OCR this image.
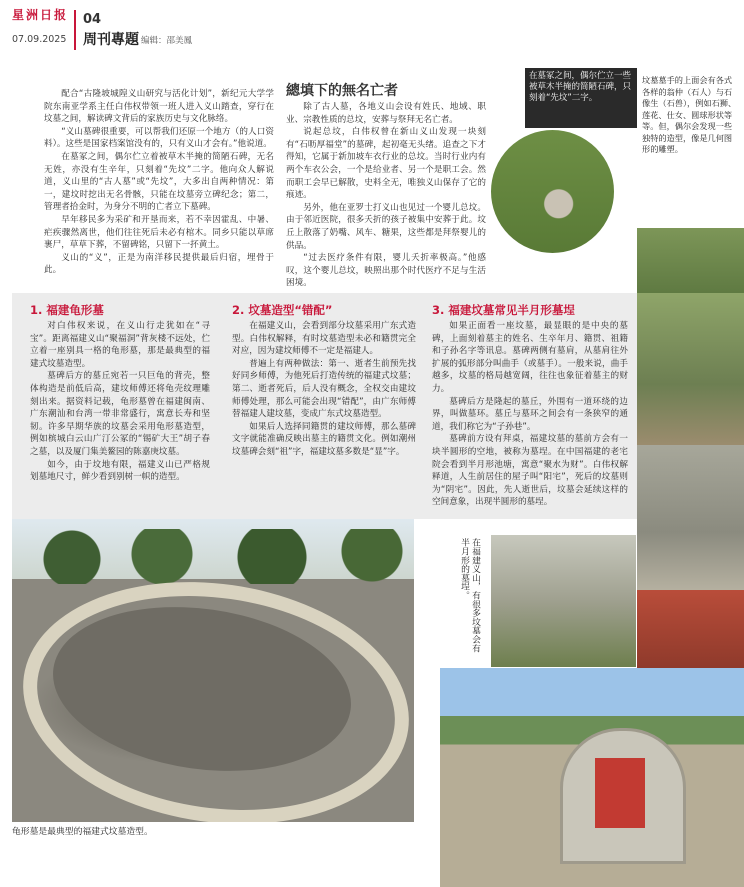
星洲日报 04
07.09.2025 周刊專題 编辑：邵美鳳

配合“古隆坡城隍义山研究与活化计划”，新纪元大学学院东南亚学系主任白伟权带领一班人进入义山踏查，穿行在坟墓之间，解读碑文背后的家族历史与文化脉络。

“义山墓碑很重要，可以帮我们还原一个地方（的人口资料）。这些是国家档案馆没有的，只有义山才会有。”他说道。

在墓冢之间，偶尔伫立着被草木半掩的简陋石碑，无名无姓，亦没有生辛年，只刻着“先坟”二字。他向众人解说道，义山里的“古人墓”或“先坟”，大多出自两种情况：第一，建坟时挖出无名骨骸，只能在坟墓旁立碑纪念；第二，管理者拾金时，为身分不明的亡者立下墓碑。

早年移民多为采矿和开垦而来，若不幸因霍乱、中暑、疟疾骤然离世，他们往往死后未必有棺木。同乡只能以草席裹尸，草草下葬，不留碑铭，只留下一抔黄土。

义山的“义”，正是为南洋移民提供最后归宿，埋骨于此。

總填下的無名亡者

除了古人墓，各地义山会设有姓氏、地域、职业、宗教性质的总坟，安葬与祭拜无名亡者。

说起总坟，白伟权曾在新山义山发现一块刻有“石呖厚福堂”的墓碑，起初毫无头绪。追查之下才得知，它属于新加坡车衣行业的总坟。当时行业内有两个车衣公会，一个是给业者、另一个是职工会。然而职工会早已解散，史料全无，唯独义山保存了它的痕迹。

另外，他在亚罗士打义山也见过一个婴儿总坟。由于邻近医院，很多夭折的孩子被集中安葬于此。坟丘上散落了奶嘴、风车、糖果，这些都是拜祭婴儿的供品。

“过去医疗条件有限，婴儿夭折率极高。”他感叹，这个婴儿总坟，映照出那个时代医疗不足与生活困境。

在墓冢之间，偶尔伫立一些被草木半掩的简陋石碑，只刻着“先坟”二字。
坟墓墓手的上面会有各式各样的翁仲（石人）与石像生（石兽），例如石狮、莲花、仕女、圆球形状等等。但，偶尔会发现一些独特的造型，像是几何图形的雕塑。
1. 福建龟形墓

对白伟权来说，在义山行走犹如在“寻宝”。距离福建义山“聚福洞”背灰楼不远处，伫立着一座别具一格的龟形墓，那是最典型的福建式坟墓造型。

墓碑后方的墓丘宛若一只巨龟的背壳，整体构造是前低后高，建坟师傅还将龟壳纹理雕刻出来。据资料记载，龟形墓曾在福建闽南、广东潮汕和台湾一带非常盛行，寓意长寿和坚韧。许多早期华族的坟墓会采用龟形墓造型，例如槟城白云山广汀公冢的“锡矿大王”胡子春之墓，以及厦门集美鳌园的陈嘉庚坟墓。

如今，由于坟地有限，福建义山已严格规划墓地尺寸，鲜少看到别树一帜的造型。

2. 坟墓造型“错配”

在福建义山，会看到部分坟墓采用广东式造型。白伟权解释，有时坟墓造型未必和籍贯完全对应，因为建坟师傅不一定是福建人。

普遍上有两种做法：第一、逝者生前预先找好同乡师傅，为他死后打造传统的福建式坟墓；第二、逝者死后，后人没有概念，全权交由建坟师傅处理，那么可能会出现“错配”，由广东师傅替福建人建坟墓，变成广东式坟墓造型。

如果后人选择同籍贯的建坟师傅，那么墓碑文字就能准确反映出墓主的籍贯文化。例如潮州坟墓碑会刻“祖”字，福建坟墓多数是“显”字。

3. 福建坟墓常见半月形墓埕

如果正面看一座坟墓，最显眼的是中央的墓碑，上面刻着墓主的姓名、生卒年月、籍贯、祖籍和子孙名字等讯息。墓碑两侧有墓肩，从墓肩往外扩展的弧形部分叫曲手（或墓手）。一般来说，曲手越多，坟墓的格局越宽阔，往往也象征着墓主的财力。

墓碑后方是隆起的墓丘，外围有一道环绕的边界，叫做墓环。墓丘与墓环之间会有一条狭窄的通道，我们称它为“子孙巷”。

墓碑前方设有拜桌，福建坟墓的墓前方会有一块半圆形的空地，被称为墓埕。在中国福建的老宅院会看到半月形池塘，寓意“聚水为财”。白伟权解释道，人生前居住的屋子叫“阳宅”，死后的坟墓则为“阴宅”。因此，先人逝世后，坟墓会延续这样的空间意象，出现半圆形的墓埕。

龟形墓是最典型的福建式坟墓造型。
在福建义山，有很多坟墓会有半月形的墓埕。
